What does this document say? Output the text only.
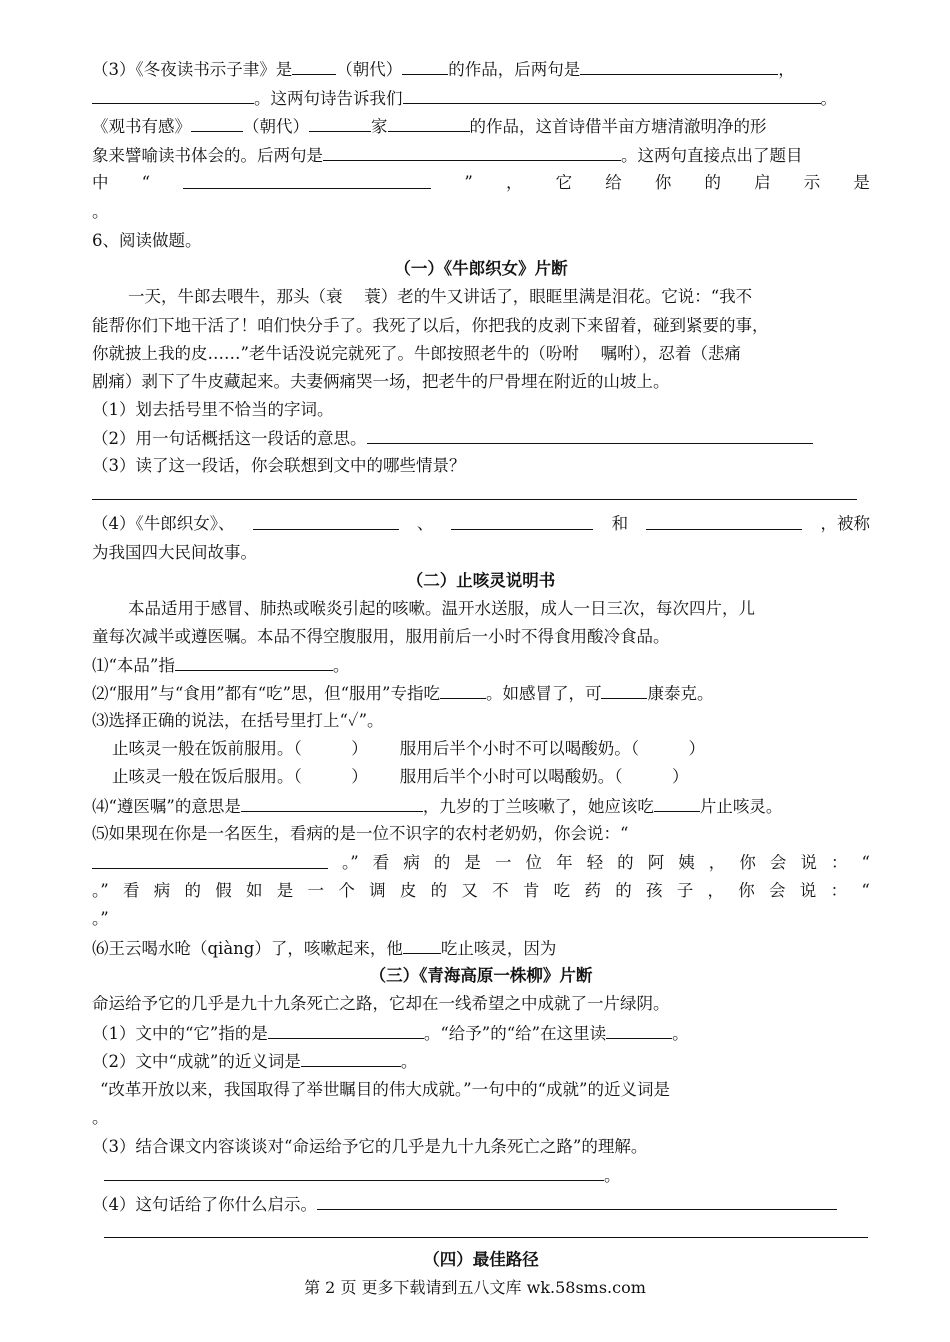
（3）《冬夜读书示子聿》是	（朝代）	的作品，后两句是	，
。这两句诗告诉我们	。
《观书有感》	（朝代）	家	的作品，这首诗借半亩方塘清澈明净的形
象来譬喻读书体会的。后两句是	。这两句直接点出了题目
中 “	” ， 它 给 你 的 启 示 是
。
6、阅读做题。
（一）《牛郎织女》片断
一天，牛郎去喂牛，那头（衰　 蓑）老的牛又讲话了，眼眶里满是泪花。它说：“我不
能帮你们下地干活了！咱们快分手了。我死了以后，你把我的皮剥下来留着，碰到紧要的事，
你就披上我的皮……”老牛话没说完就死了。牛郎按照老牛的（吩咐　 嘱咐），忍着（悲痛
剧痛）剥下了牛皮藏起来。夫妻俩痛哭一场，把老牛的尸骨埋在附近的山坡上。
（1）划去括号里不恰当的字词。
（2）用一句话概括这一段话的意思。
（3）读了这一段话，你会联想到文中的哪些情景？
（4）《牛郎织女》、	、	和	，被称
为我国四大民间故事。
（二）止咳灵说明书
本品适用于感冒、肺热或喉炎引起的咳嗽。温开水送服，成人一日三次，每次四片，儿
童每次减半或遵医嘱。本品不得空腹服用，服用前后一小时不得食用酸冷食品。
⑴“本品”指	。
⑵“服用”与“食用”都有“吃”思，但“服用”专指吃	。如感冒了，可	康泰克。
⑶选择正确的说法，在括号里打上“✓”。
止咳灵一般在饭前服用。（　　　） 服用后半个小时不可以喝酸奶。（　　　）
止咳灵一般在饭后服用。（　　　） 服用后半个小时可以喝酸奶。（　　　）
⑷“遵医嘱”的意思是	，九岁的丁兰咳嗽了，她应该吃	片止咳灵。
⑸如果现在你是一名医生，看病的是一位不识字的农村老奶奶，你会说：“
。” 看 病 的 是 一 位 年 轻 的 阿 姨 ， 你 会 说 ： “
。” 看 病 的 假 如 是 一 个 调 皮 的 又 不 肯 吃 药 的 孩 子 ， 你 会 说 ： “
。”
⑹王云喝水呛（qiàng）了，咳嗽起来，他 吃止咳灵，因为
（三）《青海高原一株柳》片断
命运给予它的几乎是九十九条死亡之路，它却在一线希望之中成就了一片绿阴。
（1）文中的“它”指的是	。“给予”的“给”在这里读	。
（2）文中“成就”的近义词是	。
“改革开放以来，我国取得了举世瞩目的伟大成就。”一句中的“成就”的近义词是
。
（3）结合课文内容谈谈对“命运给予它的几乎是九十九条死亡之路”的理解。
。
（4）这句话给了你什么启示。
（四）最佳路径
第 2 页 更多下载请到五八文库 wk.58sms.com
